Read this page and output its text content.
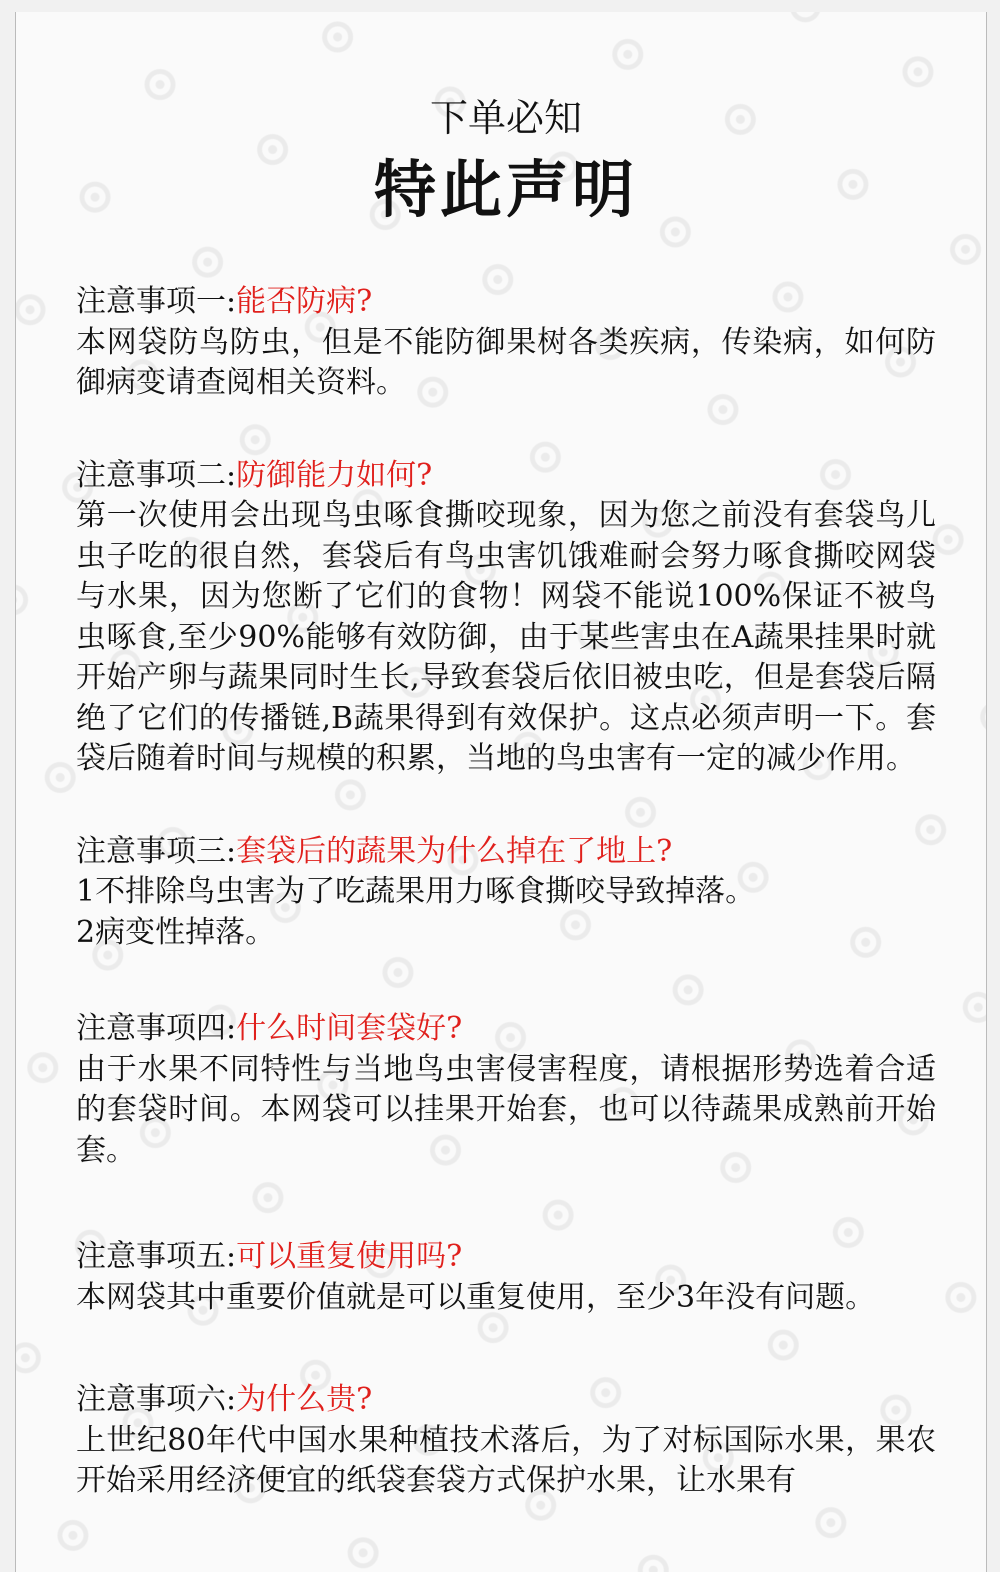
下单必知
特此声明
注意事项一:能否防病?
本网袋防鸟防虫，但是不能防御果树各类疾病，传染病，如何防御病变请查阅相关资料。
注意事项二:防御能力如何?
第一次使用会出现鸟虫啄食撕咬现象，因为您之前没有套袋鸟儿虫子吃的很自然，套袋后有鸟虫害饥饿难耐会努力啄食撕咬网袋与水果，因为您断了它们的食物！网袋不能说100%保证不被鸟虫啄食,至少90%能够有效防御，由于某些害虫在A蔬果挂果时就开始产卵与蔬果同时生长,导致套袋后依旧被虫吃，但是套袋后隔绝了它们的传播链,B蔬果得到有效保护。这点必须声明一下。套袋后随着时间与规模的积累，当地的鸟虫害有一定的减少作用。
注意事项三:套袋后的蔬果为什么掉在了地上?
1不排除鸟虫害为了吃蔬果用力啄食撕咬导致掉落。
2病变性掉落。
注意事项四:什么时间套袋好?
由于水果不同特性与当地鸟虫害侵害程度，请根据形势选着合适的套袋时间。本网袋可以挂果开始套，也可以待蔬果成熟前开始套。
注意事项五:可以重复使用吗?
本网袋其中重要价值就是可以重复使用，至少3年没有问题。
注意事项六:为什么贵?
上世纪80年代中国水果种植技术落后，为了对标国际水果，果农开始采用经济便宜的纸袋套袋方式保护水果，让水果有
